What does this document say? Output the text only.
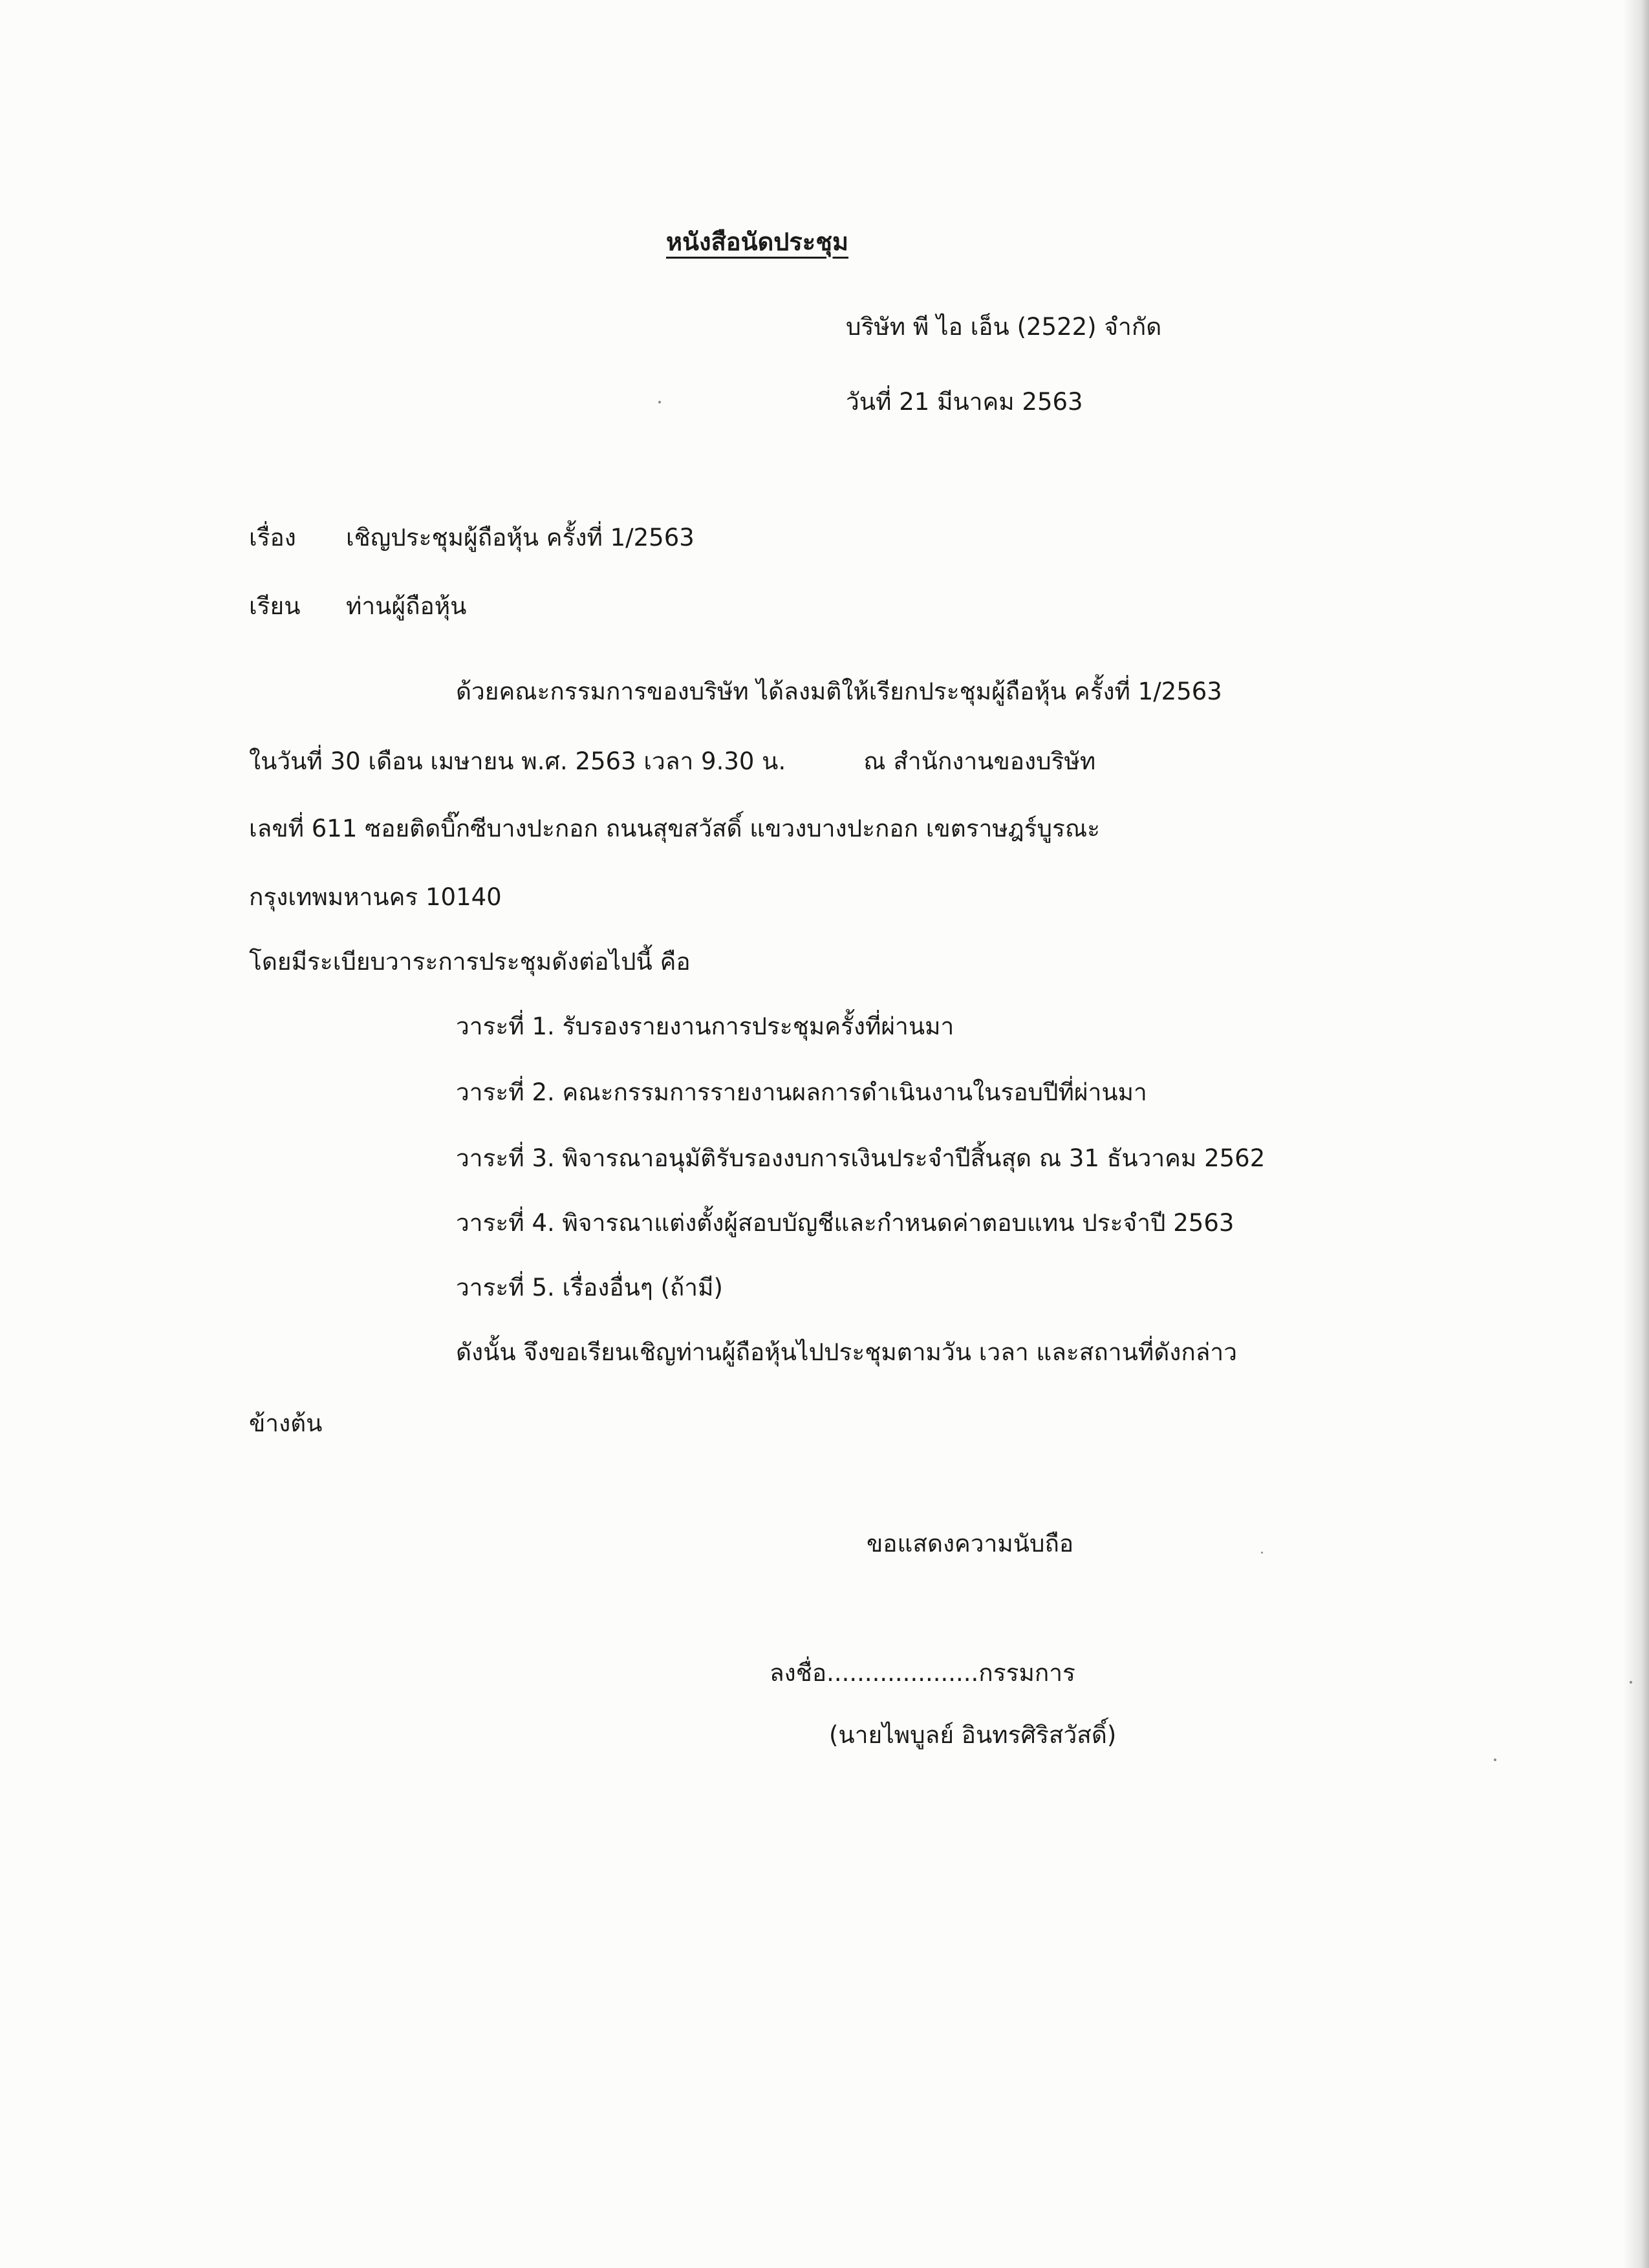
หนังสือนัดประชุม
บริษัท พี ไอ เอ็น (2522) จำกัด
วันที่ 21 มีนาคม 2563
เรื่อง เชิญประชุมผู้ถือหุ้น ครั้งที่ 1/2563
เรียน ท่านผู้ถือหุ้น
ด้วยคณะกรรมการของบริษัท ได้ลงมติให้เรียกประชุมผู้ถือหุ้น ครั้งที่ 1/2563
ในวันที่ 30 เดือน เมษายน พ.ศ. 2563 เวลา 9.30 น.	ณ สำนักงานของบริษัท
เลขที่ 611 ซอยติดบิ๊กซีบางปะกอก ถนนสุขสวัสดิ์ แขวงบางปะกอก เขตราษฎร์บูรณะ
กรุงเทพมหานคร 10140
โดยมีระเบียบวาระการประชุมดังต่อไปนี้ คือ
วาระที่ 1. รับรองรายงานการประชุมครั้งที่ผ่านมา
วาระที่ 2. คณะกรรมการรายงานผลการดำเนินงานในรอบปีที่ผ่านมา
วาระที่ 3. พิจารณาอนุมัติรับรองงบการเงินประจำปีสิ้นสุด ณ 31 ธันวาคม 2562
วาระที่ 4. พิจารณาแต่งตั้งผู้สอบบัญชีและกำหนดค่าตอบแทน ประจำปี 2563
วาระที่ 5. เรื่องอื่นๆ (ถ้ามี)
ดังนั้น จึงขอเรียนเชิญท่านผู้ถือหุ้นไปประชุมตามวัน เวลา และสถานที่ดังกล่าว
ข้างต้น
ขอแสดงความนับถือ
ลงชื่อ....................กรรมการ
(นายไพบูลย์ อินทรศิริสวัสดิ์)
